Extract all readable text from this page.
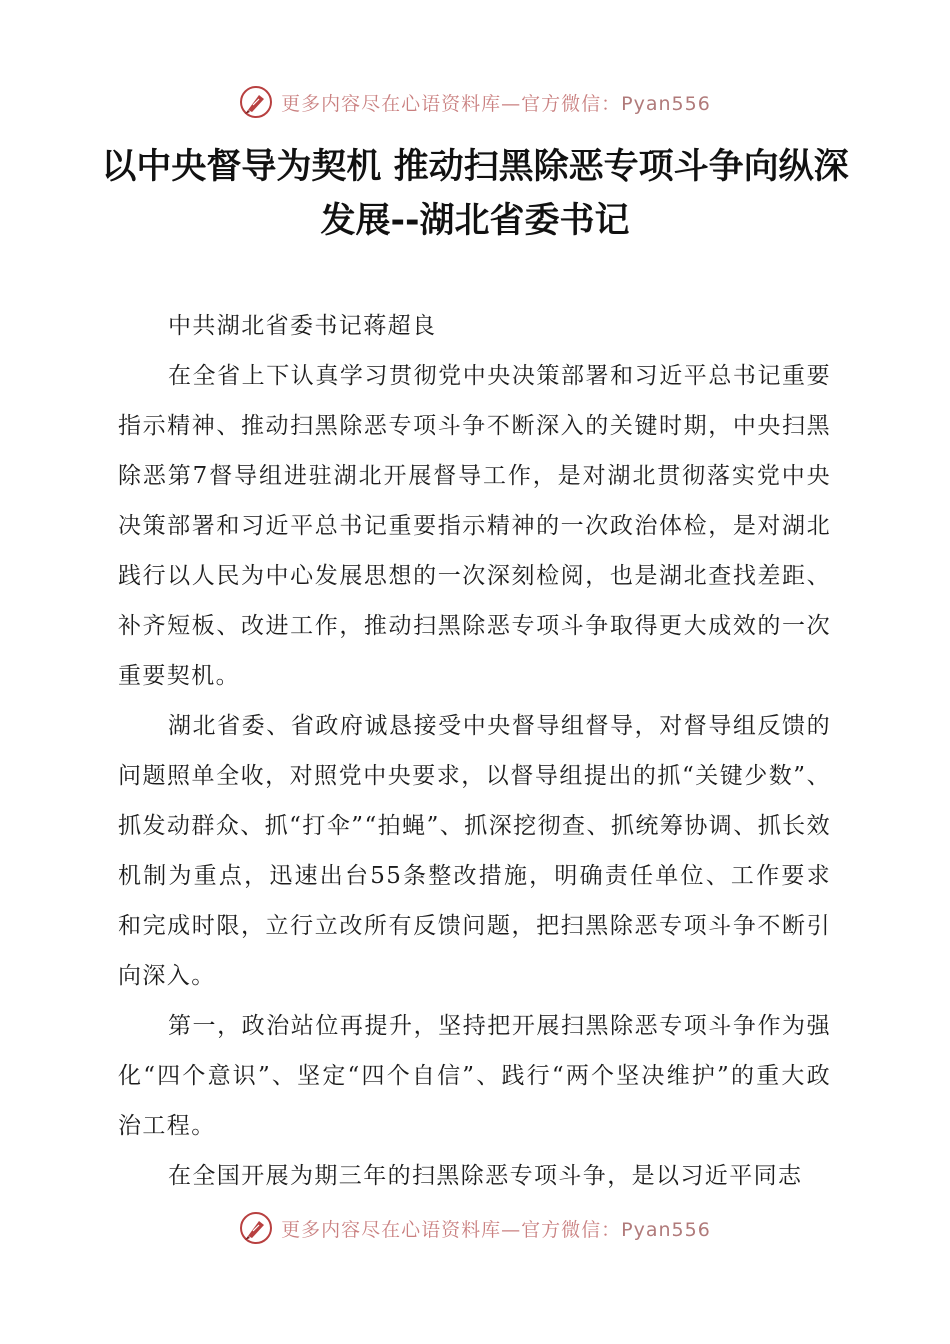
更多内容尽在心语资料库—官方微信：Pyan556
以中央督导为契机 推动扫黑除恶专项斗争向纵深发展--湖北省委书记

中共湖北省委书记蒋超良

在全省上下认真学习贯彻党中央决策部署和习近平总书记重要指示精神、推动扫黑除恶专项斗争不断深入的关键时期，中央扫黑除恶第7督导组进驻湖北开展督导工作，是对湖北贯彻落实党中央决策部署和习近平总书记重要指示精神的一次政治体检，是对湖北践行以人民为中心发展思想的一次深刻检阅，也是湖北查找差距、补齐短板、改进工作，推动扫黑除恶专项斗争取得更大成效的一次重要契机。

湖北省委、省政府诚恳接受中央督导组督导，对督导组反馈的问题照单全收，对照党中央要求，以督导组提出的抓“关键少数”、抓发动群众、抓“打伞”“拍蝇”、抓深挖彻查、抓统筹协调、抓长效机制为重点，迅速出台55条整改措施，明确责任单位、工作要求和完成时限，立行立改所有反馈问题，把扫黑除恶专项斗争不断引向深入。

第一，政治站位再提升，坚持把开展扫黑除恶专项斗争作为强化“四个意识”、坚定“四个自信”、践行“两个坚决维护”的重大政治工程。

在全国开展为期三年的扫黑除恶专项斗争，是以习近平同志

更多内容尽在心语资料库—官方微信：Pyan556
